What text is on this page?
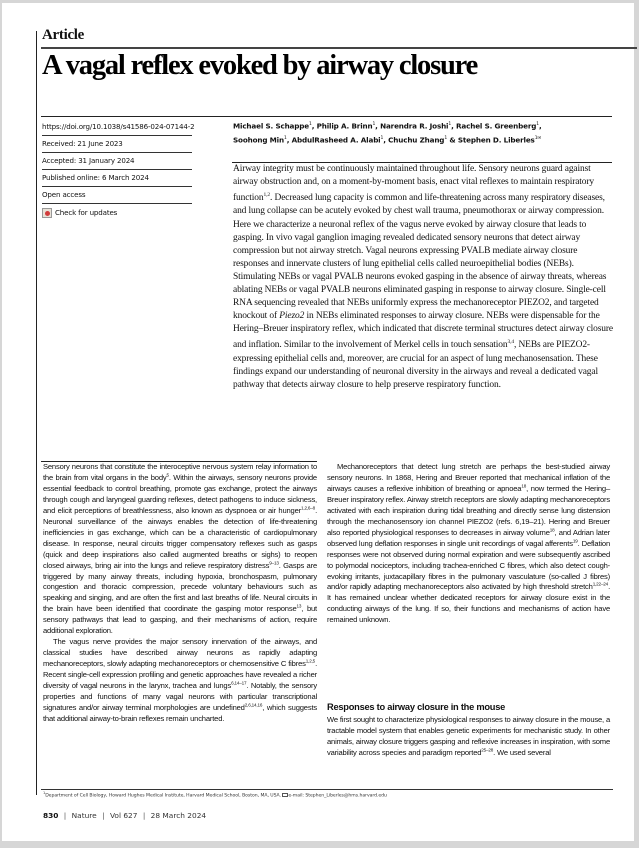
Article
A vagal reflex evoked by airway closure
https://doi.org/10.1038/s41586-024-07144-2
Received: 21 June 2023
Accepted: 31 January 2024
Published online: 6 March 2024
Open access
Check for updates
Michael S. Schappe$^1$, Philip A. Brinn$^1$, Narendra R. Joshi$^1$, Rachel S. Greenberg$^1$,
Soohong Min$^1$, AbdulRasheed A. Alabi$^1$, Chuchu Zhang$^1$ & Stephen D. Liberles$^{1✉}$
Airway integrity must be continuously maintained throughout life. Sensory neurons guard against airway obstruction and, on a moment-by-moment basis, enact vital reflexes to maintain respiratory function$^{1,2}$. Decreased lung capacity is common and life-threatening across many respiratory diseases, and lung collapse can be acutely evoked by chest wall trauma, pneumothorax or airway compression. Here we characterize a neuronal reflex of the vagus nerve evoked by airway closure that leads to gasping. In vivo vagal ganglion imaging revealed dedicated sensory neurons that detect airway compression but not airway stretch. Vagal neurons expressing PVALB mediate airway closure responses and innervate clusters of lung epithelial cells called neuroepithelial bodies (NEBs). Stimulating NEBs or vagal PVALB neurons evoked gasping in the absence of airway threats, whereas ablating NEBs or vagal PVALB neurons eliminated gasping in response to airway closure. Single-cell RNA sequencing revealed that NEBs uniformly express the mechanoreceptor PIEZO2, and targeted knockout of Piezo2 in NEBs eliminated responses to airway closure. NEBs were dispensable for the Hering–Breuer inspiratory reflex, which indicated that discrete terminal structures detect airway closure and inflation. Similar to the involvement of Merkel cells in touch sensation$^{3,4}$, NEBs are PIEZO2-expressing epithelial cells and, moreover, are crucial for an aspect of lung mechanosensation. These findings expand our understanding of neuronal diversity in the airways and reveal a dedicated vagal pathway that detects airway closure to help preserve respiratory function.

Sensory neurons that constitute the interoceptive nervous system relay information to the brain from vital organs in the body$^5$. Within the airways, sensory neurons provide essential feedback to control breathing, promote gas exchange, protect the airways through cough and laryngeal guarding reflexes, detect pathogens to induce sickness, and elicit perceptions of breathlessness, also known as dyspnoea or air hunger$^{1,2,6-8}$. Neuronal surveillance of the airways enables the detection of life-threatening inefficiencies in gas exchange, which can be a characteristic of cardiopulmonary disease. In response, neural circuits trigger compensatory reflexes such as gasps (quick and deep inspirations also called augmented breaths or sighs) to reopen closed airways, bring air into the lungs and relieve respiratory distress$^{9-13}$. Gasps are triggered by many airway threats, including hypoxia, bronchospasm, pulmonary congestion and thoracic compression, precede voluntary behaviours such as speaking and singing, and are often the first and last breaths of life. Neural circuits in the brain have been identified that coordinate the gasping motor response$^{13}$, but sensory pathways that lead to gasping, and their mechanisms of action, require additional exploration.

The vagus nerve provides the major sensory innervation of the airways, and classical studies have described airway neurons as rapidly adapting mechanoreceptors, slowly adapting mechanoreceptors or chemosensitive C fibres$^{1,2,5}$. Recent single-cell expression profiling and genetic approaches have revealed a richer diversity of vagal neurons in the larynx, trachea and lungs$^{6,14-17}$. Notably, the sensory properties and functions of many vagal neurons with particular transcriptional signatures and/or airway terminal morphologies are undefined$^{2,6,14,16}$, which suggests that additional airway-to-brain reflexes remain uncharted.

Mechanoreceptors that detect lung stretch are perhaps the best-studied airway sensory neurons. In 1868, Hering and Breuer reported that mechanical inflation of the airways causes a reflexive inhibition of breathing or apnoea$^{18}$, now termed the Hering–Breuer inspiratory reflex. Airway stretch receptors are slowly adapting mechanoreceptors activated with each inspiration during tidal breathing and directly sense lung distension through the mechanosensory ion channel PIEZO2 (refs. 6,19–21). Hering and Breuer also reported physiological responses to decreases in airway volume$^{18}$, and Adrian later observed lung deflation responses in single unit recordings of vagal afferents$^{19}$. Deflation responses were not observed during normal expiration and were subsequently ascribed to polymodal nociceptors, including trachea-enriched C fibres, which also detect cough-evoking irritants, juxtacapillary fibres in the pulmonary vasculature (so-called J fibres) and/or rapidly adapting mechanoreceptors also activated by high threshold stretch$^{1,22-24}$. It has remained unclear whether dedicated receptors for airway closure exist in the conducting airways of the lung. If so, their functions and mechanisms of action have remained unknown.

Responses to airway closure in the mouse

We first sought to characterize physiological responses to airway closure in the mouse, a tractable model system that enables genetic experiments for mechanistic study. In other animals, airway closure triggers gasping and reflexive increases in inspiration, with some variability across species and paradigm reported$^{25-28}$. We used several

$^1$Department of Cell Biology, Howard Hughes Medical Institute, Harvard Medical School, Boston, MA, USA. e-mail: Stephen_Liberles@hms.harvard.edu
830 | Nature | Vol 627 | 28 March 2024
